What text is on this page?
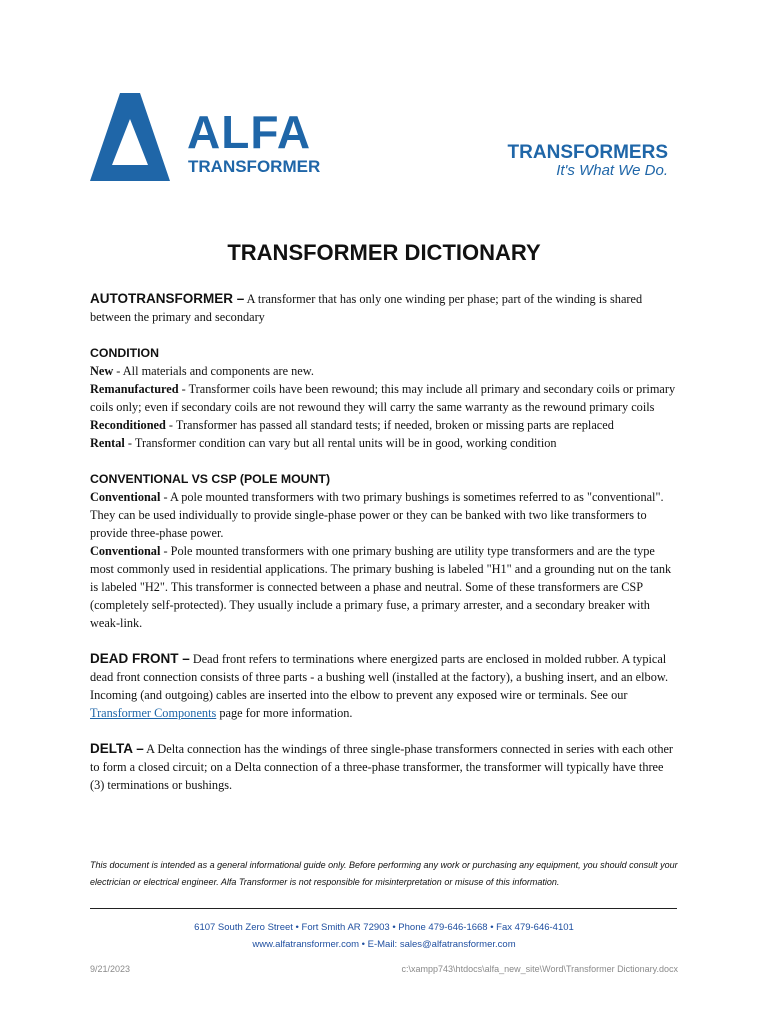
ALFA
TRANSFORMER
TRANSFORMERS
It's What We Do.
TRANSFORMER DICTIONARY

AUTOTRANSFORMER – A transformer that has only one winding per phase; part of the winding is shared between the primary and secondary

CONDITION

New - All materials and components are new.

Remanufactured - Transformer coils have been rewound; this may include all primary and secondary coils or primary coils only; even if secondary coils are not rewound they will carry the same warranty as the rewound primary coils

Reconditioned - Transformer has passed all standard tests; if needed, broken or missing parts are replaced

Rental - Transformer condition can vary but all rental units will be in good, working condition

CONVENTIONAL VS CSP (POLE MOUNT)

Conventional - A pole mounted transformers with two primary bushings is sometimes referred to as "conventional". They can be used individually to provide single-phase power or they can be banked with two like transformers to provide three-phase power.

Conventional - Pole mounted transformers with one primary bushing are utility type transformers and are the type most commonly used in residential applications. The primary bushing is labeled "H1" and a grounding nut on the tank is labeled "H2". This transformer is connected between a phase and neutral. Some of these transformers are CSP (completely self-protected). They usually include a primary fuse, a primary arrester, and a secondary breaker with weak-link.

DEAD FRONT – Dead front refers to terminations where energized parts are enclosed in molded rubber. A typical dead front connection consists of three parts - a bushing well (installed at the factory), a bushing insert, and an elbow. Incoming (and outgoing) cables are inserted into the elbow to prevent any exposed wire or terminals. See our Transformer Components page for more information.

DELTA – A Delta connection has the windings of three single-phase transformers connected in series with each other to form a closed circuit; on a Delta connection of a three-phase transformer, the transformer will typically have three (3) terminations or bushings.

This document is intended as a general informational guide only. Before performing any work or purchasing any equipment, you should consult your electrician or electrical engineer. Alfa Transformer is not responsible for misinterpretation or misuse of this information.
6107 South Zero Street • Fort Smith AR 72903 • Phone 479-646-1668 • Fax 479-646-4101
www.alfatransformer.com • E-Mail: sales@alfatransformer.com
9/21/2023	c:\xampp743\htdocs\alfa_new_site\Word\Transformer Dictionary.docx
